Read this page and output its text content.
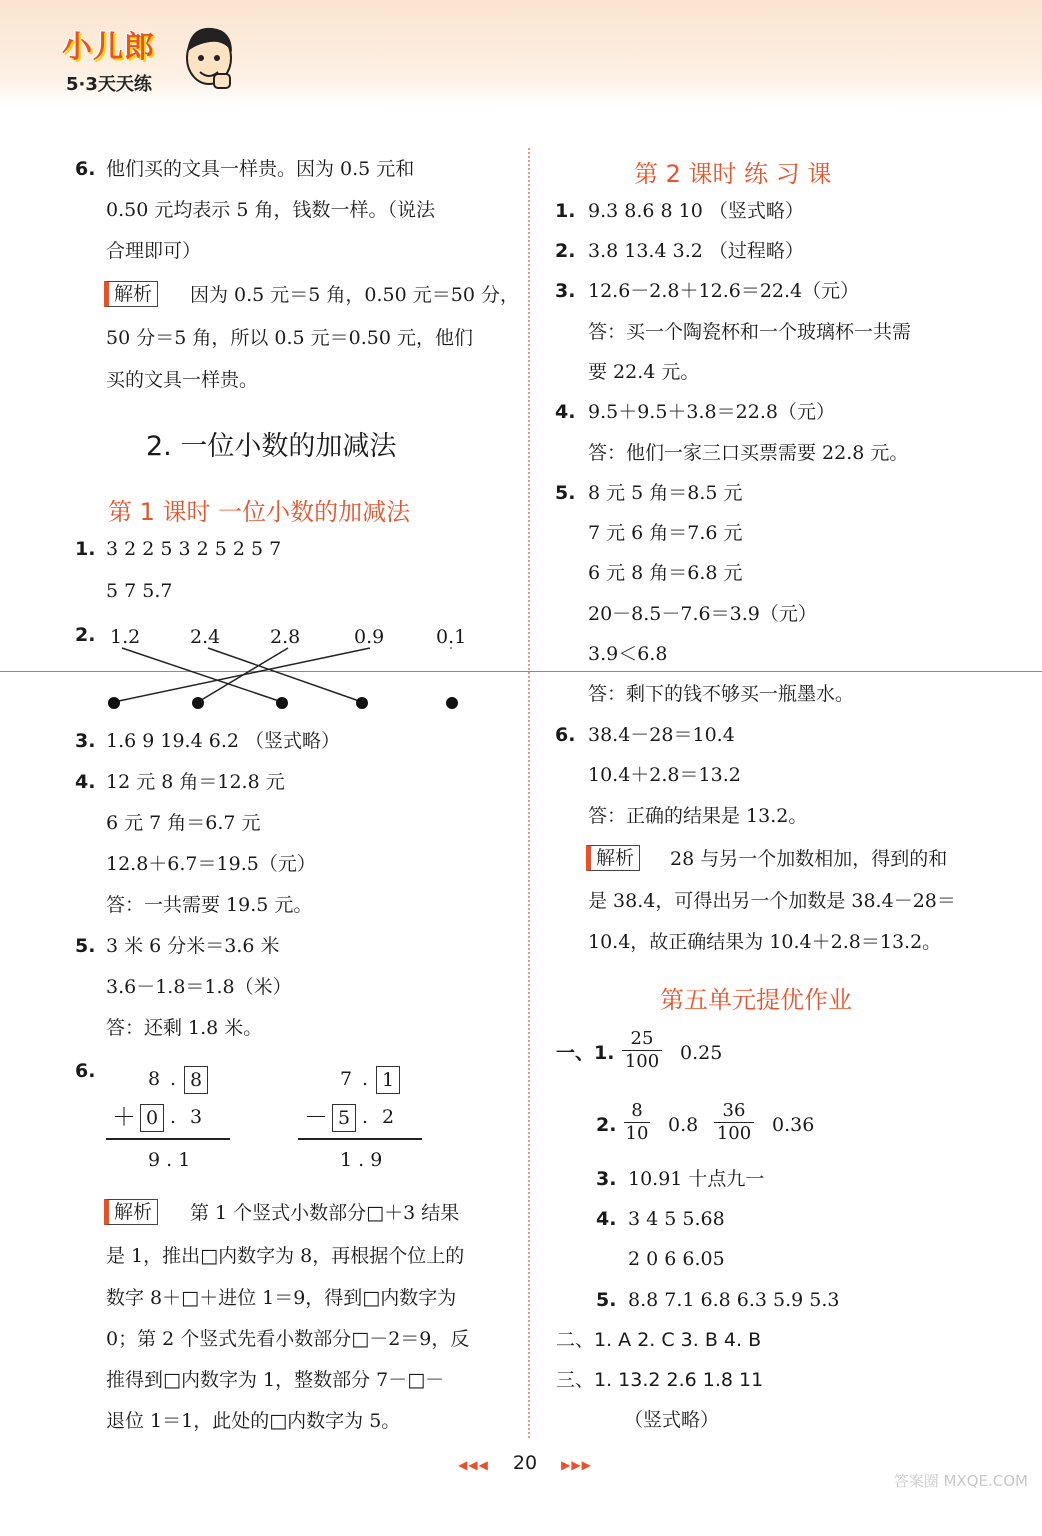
小儿郎
5·3天天练
6. 他们买的文具一样贵。因为 0.5 元和
0.50 元均表示 5 角，钱数一样。（说法
合理即可）
解析	因为 0.5 元＝5 角，0.50 元＝50 分，
50 分＝5 角，所以 0.5 元＝0.50 元，他们
买的文具一样贵。
2. 一位小数的加减法
第 1 课时 一位小数的加减法
1. 3 2 2 5 3 2 5 2 5 7
5 7 5.7
2. 1.2	2.4	2.8	0.9	0.1
3. 1.6 9 19.4 6.2 （竖式略）
4. 12 元 8 角＝12.8 元
6 元 7 角＝6.7 元
12.8＋6.7＝19.5（元）
答：一共需要 19.5 元。
5. 3 米 6 分米＝3.6 米
3.6－1.8＝1.8（米）
答：还剩 1.8 米。
6.	8 . 8
＋ 0 . 3
9 . 1
7 . 1
－ 5 . 2
1 . 9
解析	第 1 个竖式小数部分□＋3 结果
是 1，推出□内数字为 8，再根据个位上的
数字 8＋□＋进位 1＝9，得到□内数字为
0；第 2 个竖式先看小数部分□－2＝9，反
推得到□内数字为 1，整数部分 7－□－
退位 1＝1，此处的□内数字为 5。
第 2 课时 练 习 课
1. 9.3 8.6 8 10 （竖式略）
2. 3.8 13.4 3.2 （过程略）
3. 12.6－2.8＋12.6＝22.4（元）
答：买一个陶瓷杯和一个玻璃杯一共需
要 22.4 元。
4. 9.5＋9.5＋3.8＝22.8（元）
答：他们一家三口买票需要 22.8 元。
5. 8 元 5 角＝8.5 元
7 元 6 角＝7.6 元
6 元 8 角＝6.8 元
20－8.5－7.6＝3.9（元）
3.9＜6.8
答：剩下的钱不够买一瓶墨水。
6. 38.4－28＝10.4
10.4＋2.8＝13.2
答：正确的结果是 13.2。
解析	28 与另一个加数相加，得到的和
是 38.4，可得出另一个加数是 38.4－28＝
10.4，故正确结果为 10.4＋2.8＝13.2。
第五单元提优作业
一、1. $\frac{25}{100} 0.25$
2. $\frac{8}{10} 0.8 \frac{36}{100} 0.36$
3. 10.91 十点九一
4. 3 4 5 5.68
2 0 6 6.05
5. 8.8 7.1 6.8 6.3 5.9 5.3
二、1. A 2. C 3. B 4. B
三、1. 13.2 2.6 1.8 11
（竖式略）
◀◀◀ 20 ▶▶▶
答案圈 MXQE.COM
